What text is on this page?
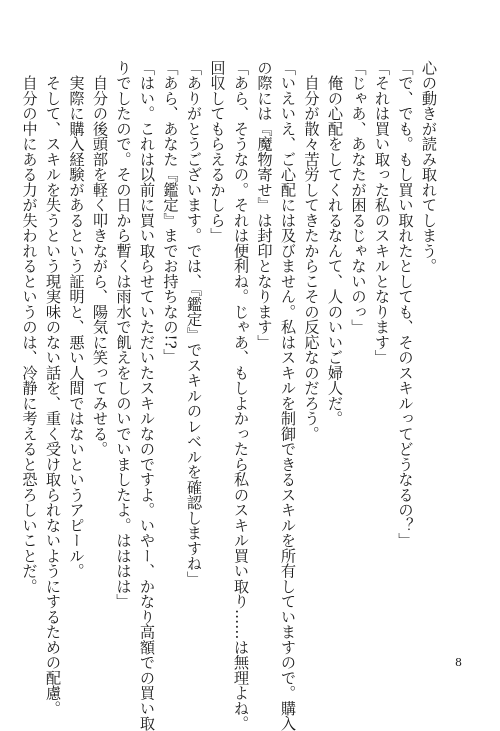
心の動きが読み取れてしまう。
「で、でも。もし買い取れたとしても、そのスキルってどうなるの？」
「それは買い取った私のスキルとなります」
「じゃあ、あなたが困るじゃないのっ」
　俺の心配をしてくれるなんて、人のいいご婦人だ。
　自分が散々苦労してきたからこその反応なのだろう。
「いえいえ、ご心配には及びません。私はスキルを制御できるスキルを所有していますので。購入
の際には『魔物寄せ』は封印となります」
「あら、そうなの。それは便利ね。じゃあ、もしよかったら私のスキル買い取り……は無理よね。
回収してもらえるかしら」
「ありがとうございます。では、『鑑定』でスキルのレベルを確認しますね」
「あら、あなた『鑑定』までお持ちなの!?」
「はい。これは以前に買い取らせていただいたスキルなのですよ。いやー、かなり高額での買い取
りでしたので。その日から暫くは雨水で飢えをしのいでいましたよ。はははは」
　自分の後頭部を軽く叩きながら、陽気に笑ってみせる。
　実際に購入経験があるという証明と、悪い人間ではないというアピール。
　そして、スキルを失うという現実味のない話を、重く受け取られないようにするための配慮。
　自分の中にある力が失われるというのは、冷静に考えると恐ろしいことだ。
8
